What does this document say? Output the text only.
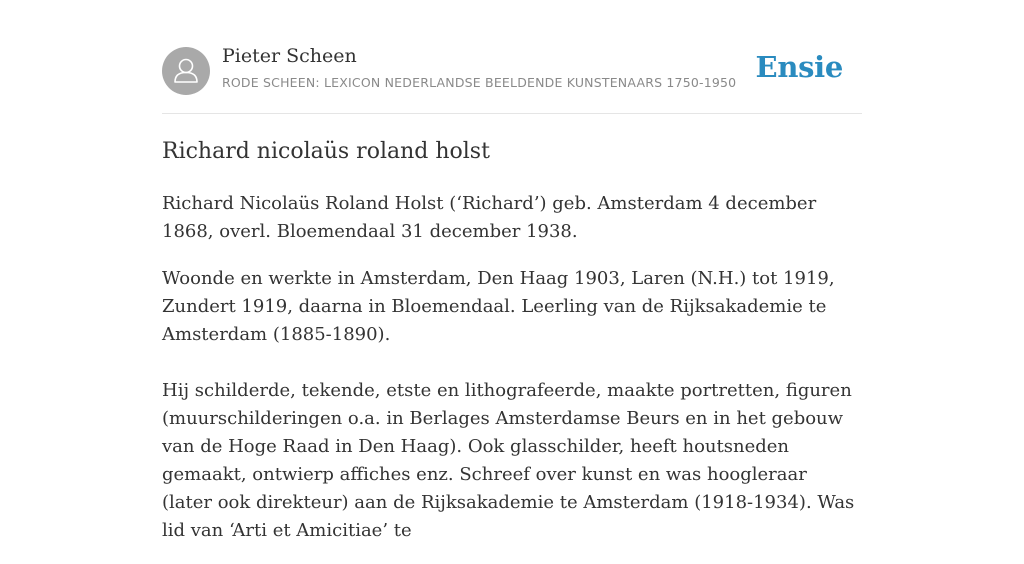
Pieter Scheen
RODE SCHEEN: LEXICON NEDERLANDSE BEELDENDE KUNSTENAARS 1750-1950 Ensie
Richard nicolaüs roland holst

Richard Nicolaüs Roland Holst (‘Richard’) geb. Amsterdam 4 december 1868, overl. Bloemendaal 31 december 1938.

Woonde en werkte in Amsterdam, Den Haag 1903, Laren (N.H.) tot 1919, Zundert 1919, daarna in Bloemendaal. Leerling van de Rijksakademie te Amsterdam (1885-1890).

Hij schilderde, tekende, etste en lithografeerde, maakte portretten, figuren (muurschilderingen o.a. in Berlages Amsterdamse Beurs en in het gebouw van de Hoge Raad in Den Haag). Ook glasschilder, heeft houtsneden gemaakt, ontwierp affiches enz. Schreef over kunst en was hoogleraar (later ook direkteur) aan de Rijksakademie te Amsterdam (1918-1934). Was lid van ‘Arti et Amicitiae’ te
